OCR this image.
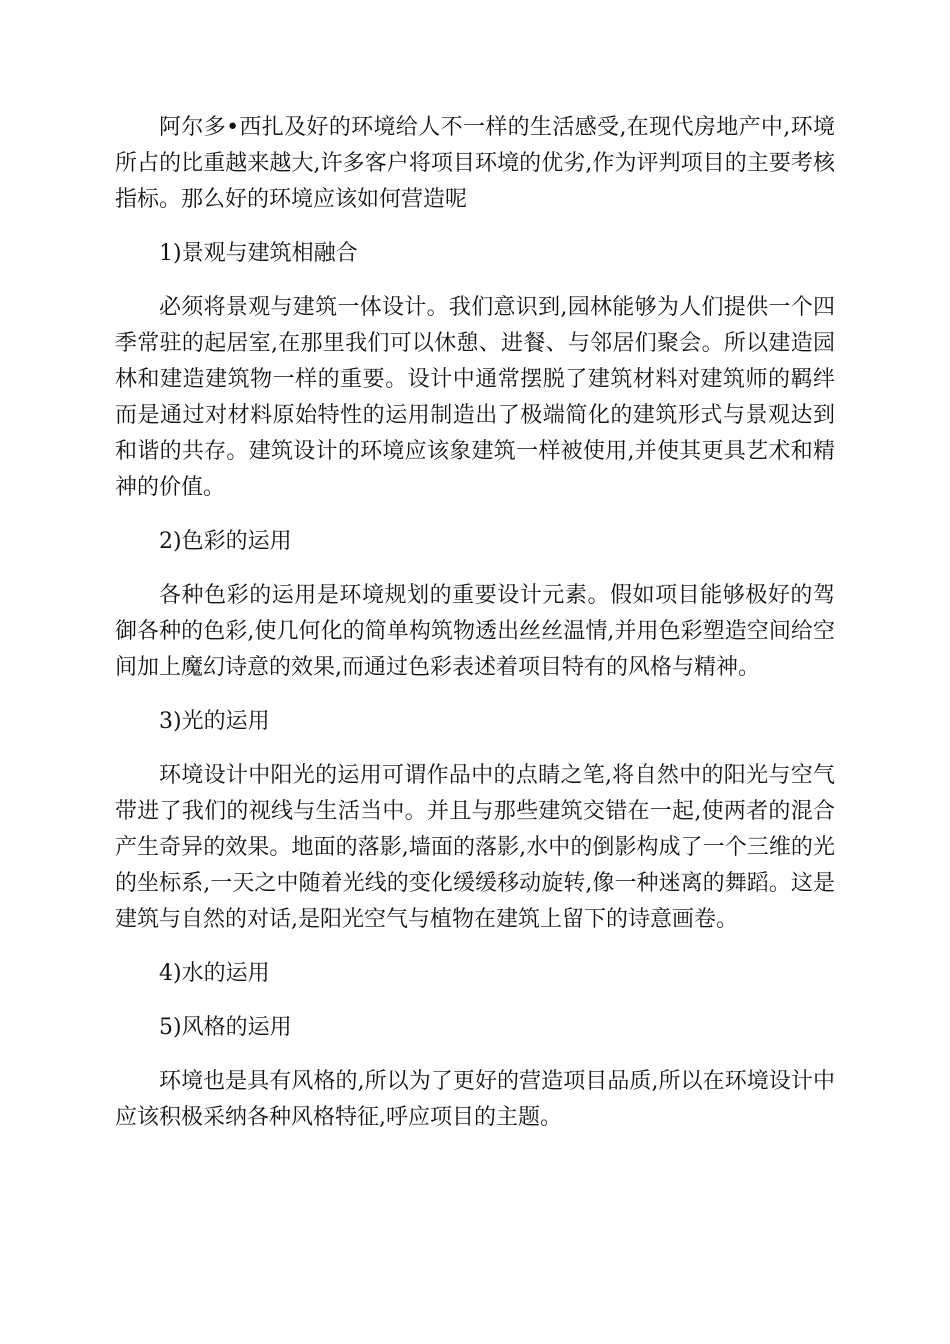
阿尔多•西扎及好的环境给人不一样的生活感受,在现代房地产中,环境所占的比重越来越大,许多客户将项目环境的优劣,作为评判项目的主要考核指标。那么好的环境应该如何营造呢

1)景观与建筑相融合

必须将景观与建筑一体设计。我们意识到,园林能够为人们提供一个四季常驻的起居室,在那里我们可以休憩、进餐、与邻居们聚会。所以建造园林和建造建筑物一样的重要。设计中通常摆脱了建筑材料对建筑师的羁绊而是通过对材料原始特性的运用制造出了极端简化的建筑形式与景观达到和谐的共存。建筑设计的环境应该象建筑一样被使用,并使其更具艺术和精神的价值。

2)色彩的运用

各种色彩的运用是环境规划的重要设计元素。假如项目能够极好的驾御各种的色彩,使几何化的简单构筑物透出丝丝温情,并用色彩塑造空间给空间加上魔幻诗意的效果,而通过色彩表述着项目特有的风格与精神。

3)光的运用

环境设计中阳光的运用可谓作品中的点睛之笔,将自然中的阳光与空气带进了我们的视线与生活当中。并且与那些建筑交错在一起,使两者的混合产生奇异的效果。地面的落影,墙面的落影,水中的倒影构成了一个三维的光的坐标系,一天之中随着光线的变化缓缓移动旋转,像一种迷离的舞蹈。这是建筑与自然的对话,是阳光空气与植物在建筑上留下的诗意画卷。

4)水的运用

5)风格的运用

环境也是具有风格的,所以为了更好的营造项目品质,所以在环境设计中应该积极采纳各种风格特征,呼应项目的主题。
